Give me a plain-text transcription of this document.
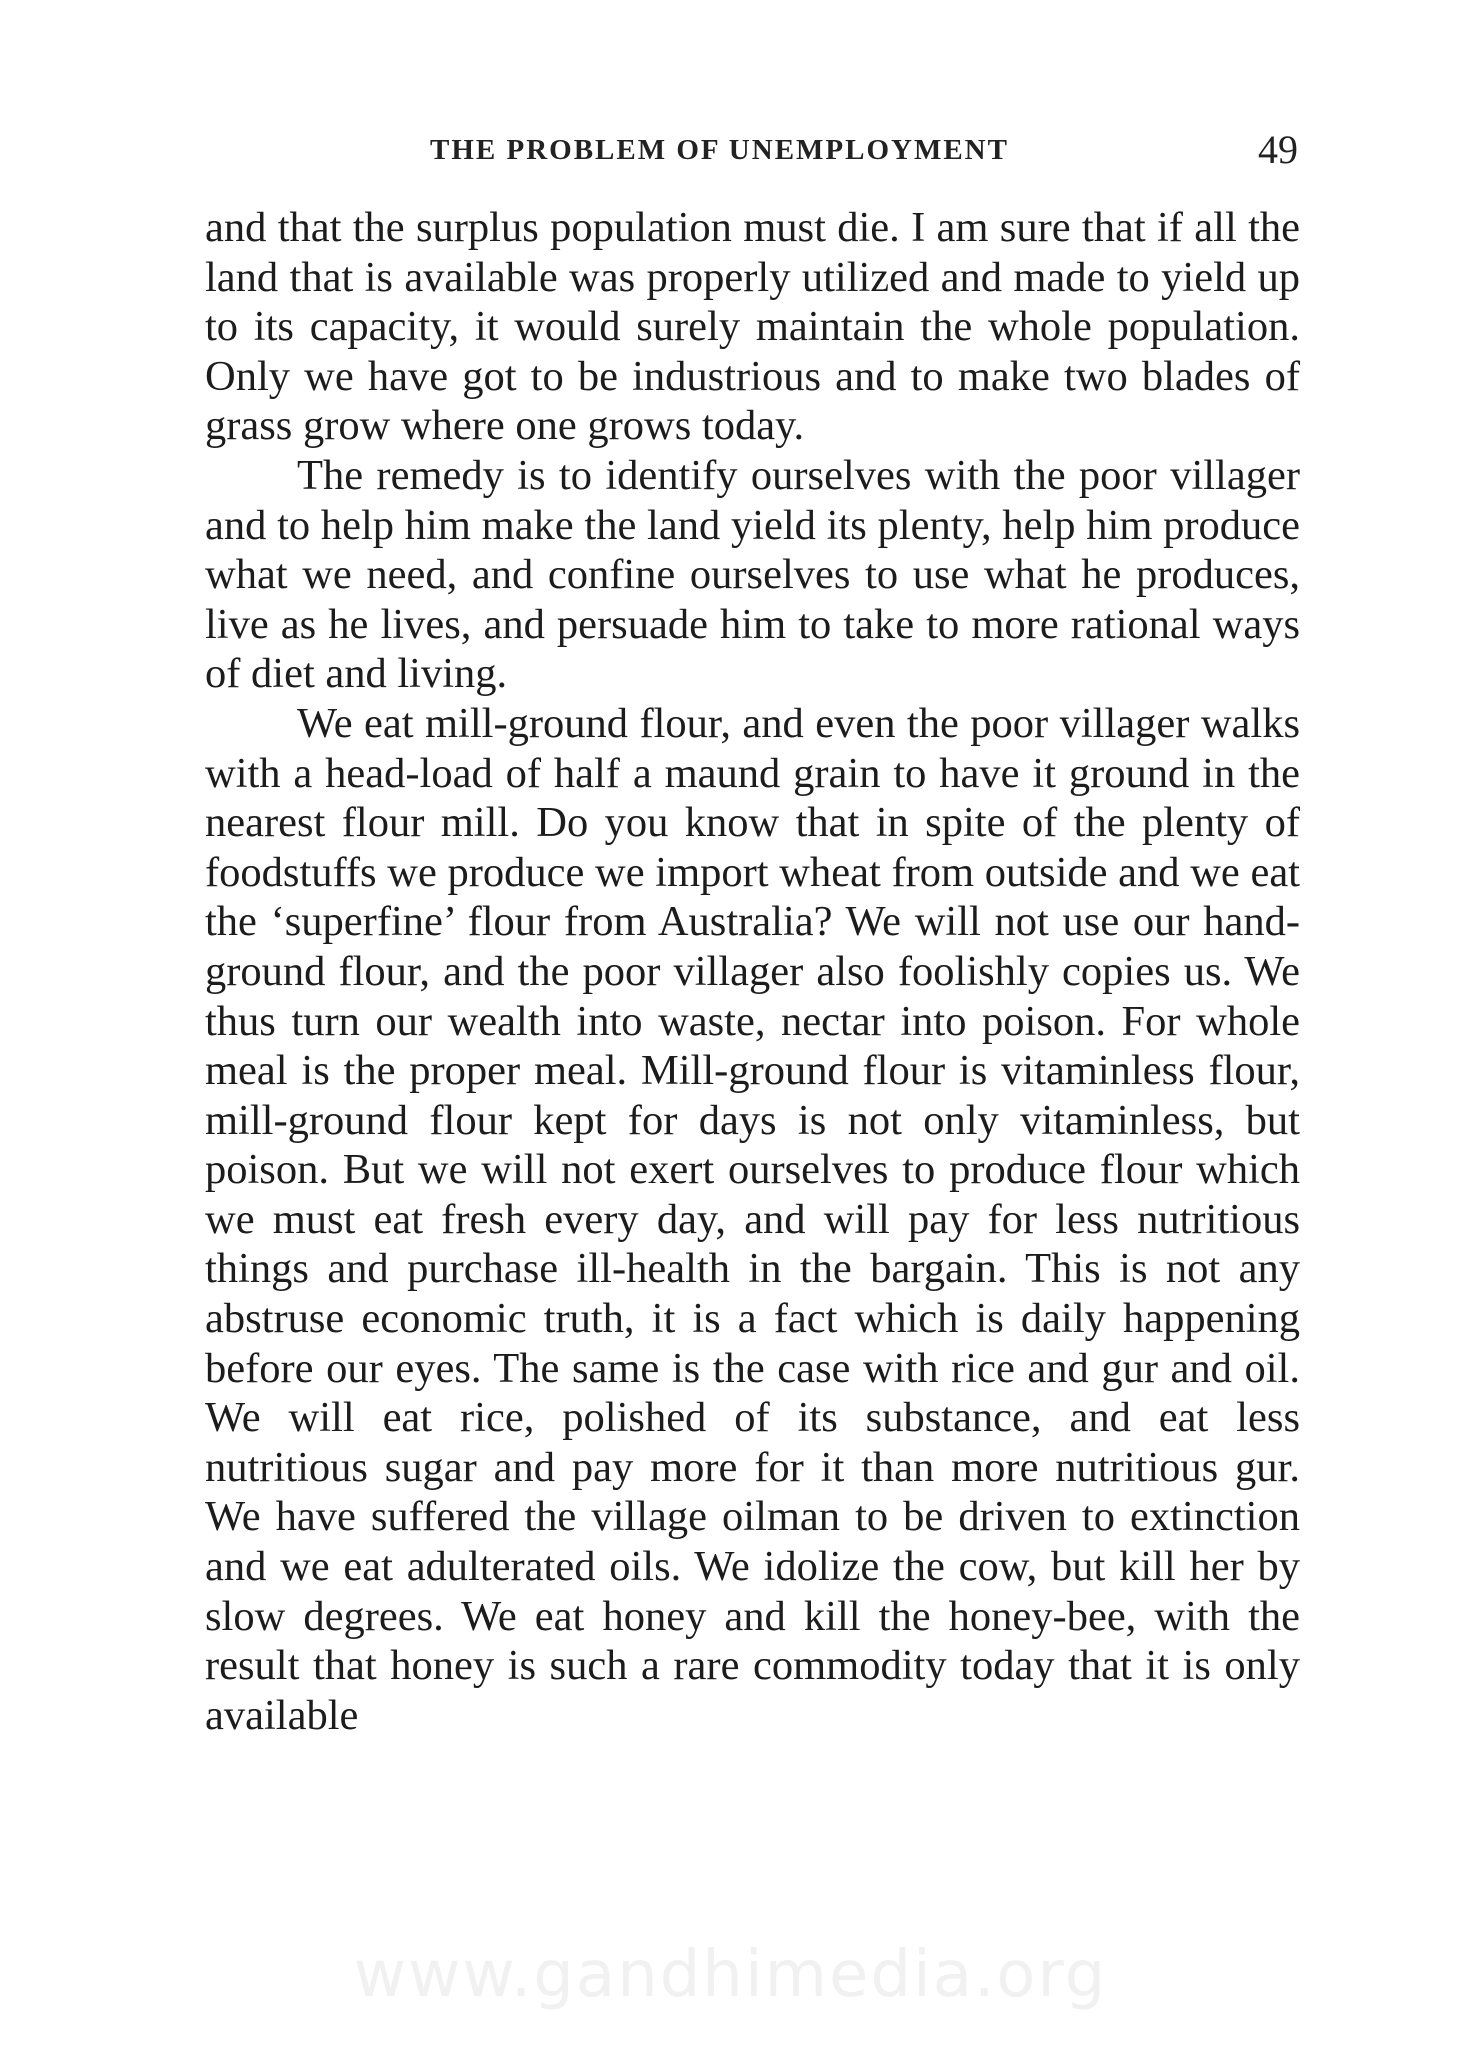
THE PROBLEM OF UNEMPLOYMENT	49

and that the surplus population must die. I am sure that if all the land that is available was properly utilized and made to yield up to its capacity, it would surely maintain the whole population. Only we have got to be industrious and to make two blades of grass grow where one grows today.

The remedy is to identify ourselves with the poor villager and to help him make the land yield its plenty, help him produce what we need, and confine ourselves to use what he produces, live as he lives, and persuade him to take to more rational ways of diet and living.

We eat mill-ground flour, and even the poor villager walks with a head-load of half a maund grain to have it ground in the nearest flour mill. Do you know that in spite of the plenty of foodstuffs we produce we import wheat from outside and we eat the ‘superfine’ flour from Australia? We will not use our hand-ground flour, and the poor villager also foolishly copies us. We thus turn our wealth into waste, nectar into poison. For whole meal is the proper meal. Mill-ground flour is vitaminless flour, mill-ground flour kept for days is not only vitaminless, but poison. But we will not exert ourselves to produce flour which we must eat fresh every day, and will pay for less nutritious things and purchase ill-health in the bargain. This is not any abstruse economic truth, it is a fact which is daily happening before our eyes. The same is the case with rice and gur and oil. We will eat rice, polished of its substance, and eat less nutritious sugar and pay more for it than more nutritious gur. We have suffered the village oilman to be driven to extinction and we eat adulterated oils. We idolize the cow, but kill her by slow degrees. We eat honey and kill the honey-bee, with the result that honey is such a rare commodity today that it is only available

www.gandhimedia.org
